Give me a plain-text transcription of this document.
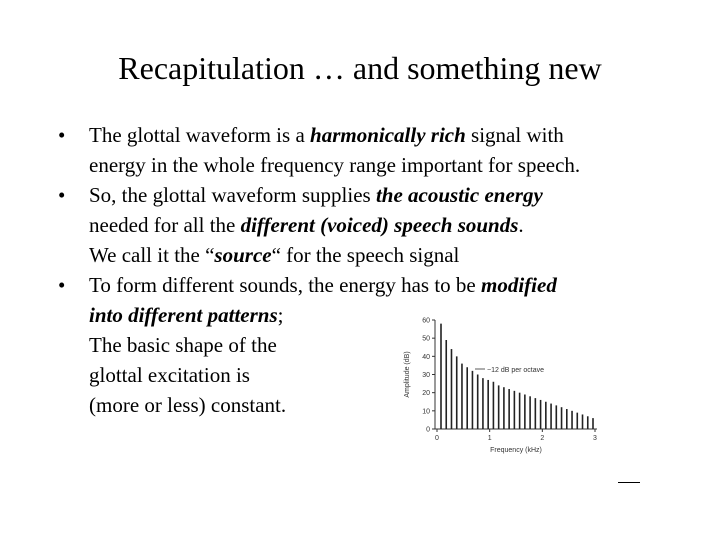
Recapitulation … and something new
• The glottal waveform is a harmonically rich signal with
energy in the whole frequency range important for speech.
• So, the glottal waveform supplies the acoustic energy
needed for all the different (voiced) speech sounds.
We call it the “source“ for the speech signal
• To form different sounds, the energy has to be modified
into different patterns;
The basic shape of the
glottal excitation is
(more or less) constant.
60
50
40
30
20
10
0
0	1	2	3
Amplitude (dB)
Frequency (kHz)
−12 dB per octave
